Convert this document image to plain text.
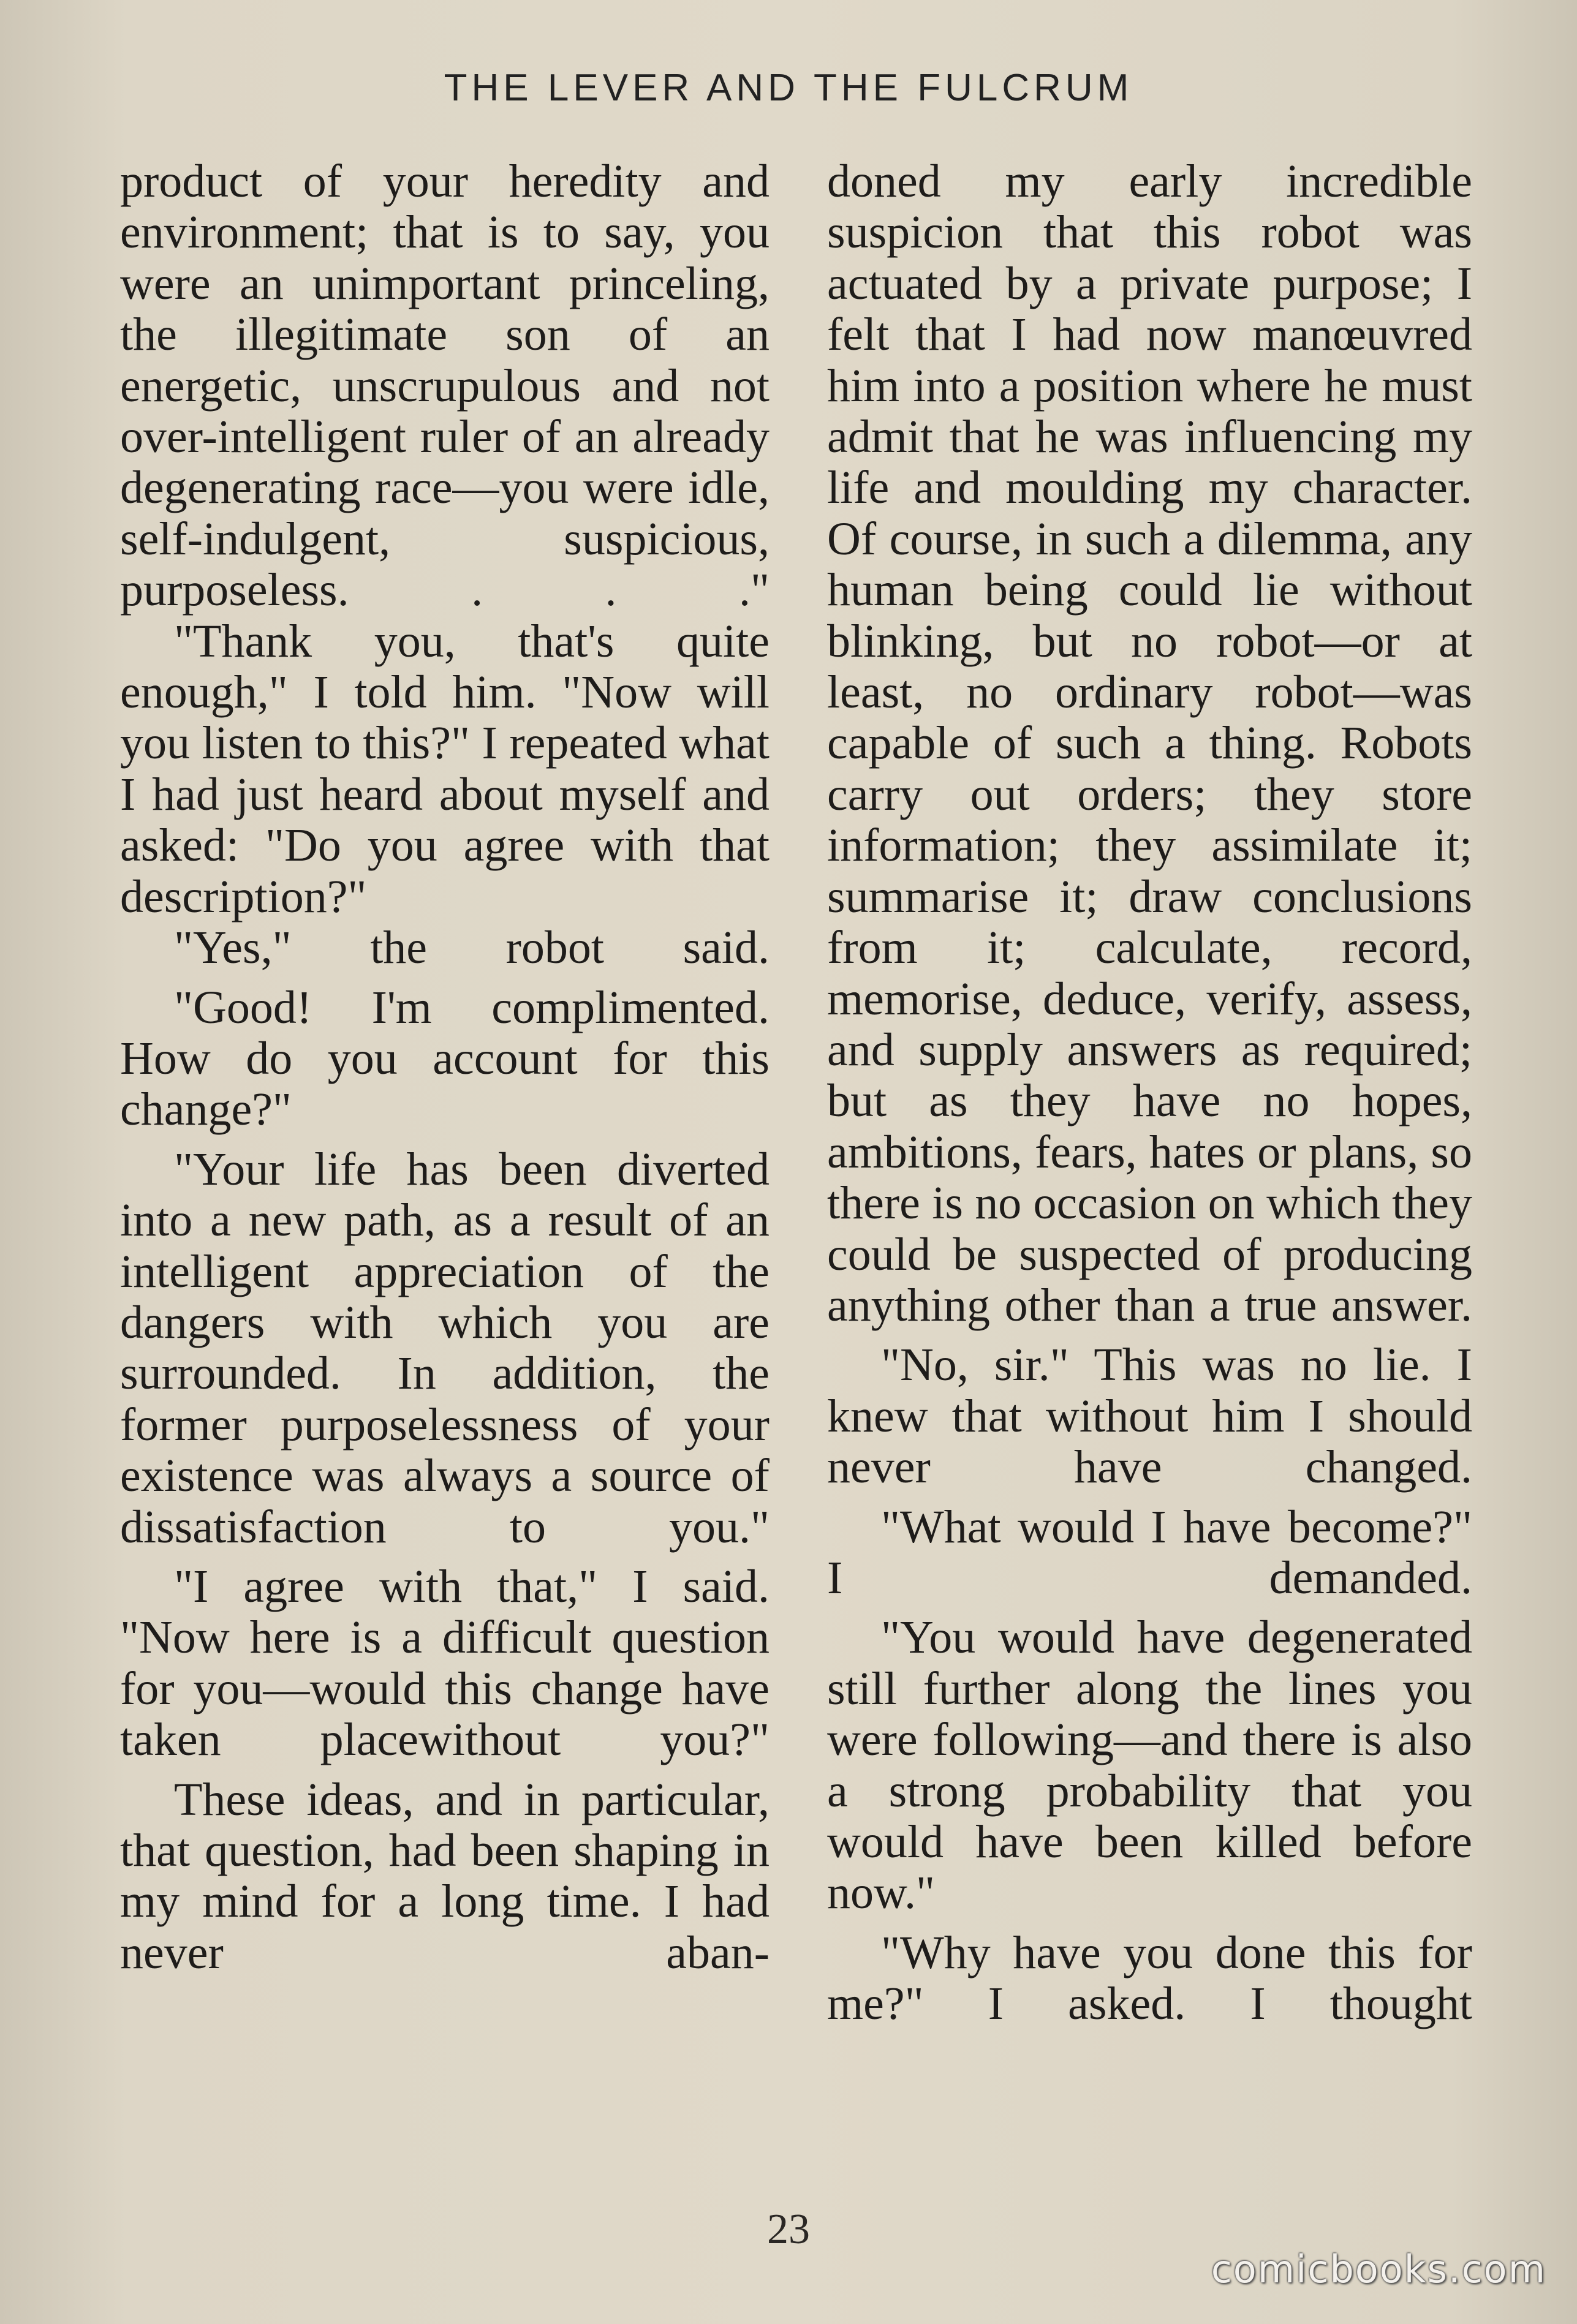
THE LEVER AND THE FULCRUM

product of your heredity and environment; that is to say, you were an unimportant princeling, the illegitimate son of an energetic, unscrupulous and not over-intelligent ruler of an already degenerating race—you were idle, self-indulgent, suspicious, purposeless. . . ."

"Thank you, that's quite enough," I told him. "Now will you listen to this?" I repeated what I had just heard about myself and asked: "Do you agree with that description?"

"Yes," the robot said.

"Good! I'm complimented. How do you account for this change?"

"Your life has been diverted into a new path, as a result of an intelligent appreciation of the dangers with which you are surrounded. In addition, the former purposelessness of your existence was always a source of dissatisfaction to you."

"I agree with that," I said. "Now here is a difficult question for you—would this change have taken placewithout you?"

These ideas, and in particular, that question, had been shaping in my mind for a long time. I had never aban-

doned my early incredible suspicion that this robot was actuated by a private purpose; I felt that I had now manœuvred him into a position where he must admit that he was influencing my life and moulding my character. Of course, in such a dilemma, any human being could lie without blinking, but no robot—or at least, no ordinary robot—was capable of such a thing. Robots carry out orders; they store information; they assimilate it; summarise it; draw conclusions from it; calculate, record, memorise, deduce, verify, assess, and supply answers as required; but as they have no hopes, ambitions, fears, hates or plans, so there is no occasion on which they could be suspected of producing anything other than a true answer.

"No, sir." This was no lie. I knew that without him I should never have changed.

"What would I have become?" I demanded.

"You would have degenerated still further along the lines you were following—and there is also a strong probability that you would have been killed before now."

"Why have you done this for me?" I asked. I thought

23
comicbooks.com
